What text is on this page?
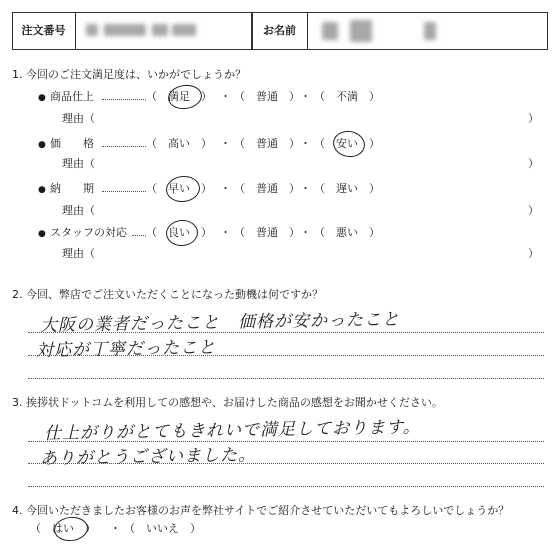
注文番号	お名前
1. 今回のご注文満足度は、いかがでしょうか？
● 商品仕上	（　満足　） ・ （　普通　） ・ （　不満　）
理由（	）
● 価　　格	（　高い　） ・ （　普通　） ・ （　安い　）
理由（	）
● 納　　期	（　早い　） ・ （　普通　） ・ （　遅い　）
理由（	）
● スタッフの対応 （　良い　） ・ （　普通　） ・ （　悪い　）
理由（	）
2. 今回、弊店でご注文いただくことになった動機は何ですか？
大阪の業者だったこと　価格が安かったこと
対応が丁寧だったこと
3. 挨拶状ドットコムを利用しての感想や、お届けした商品の感想をお聞かせください。
仕上がりがとてもきれいで満足しております。
ありがとうございました。
4. 今回いただきましたお客様のお声を弊社サイトでご紹介させていただいてもよろしいでしょうか？
（　はい　） ・ （　いいえ　）
